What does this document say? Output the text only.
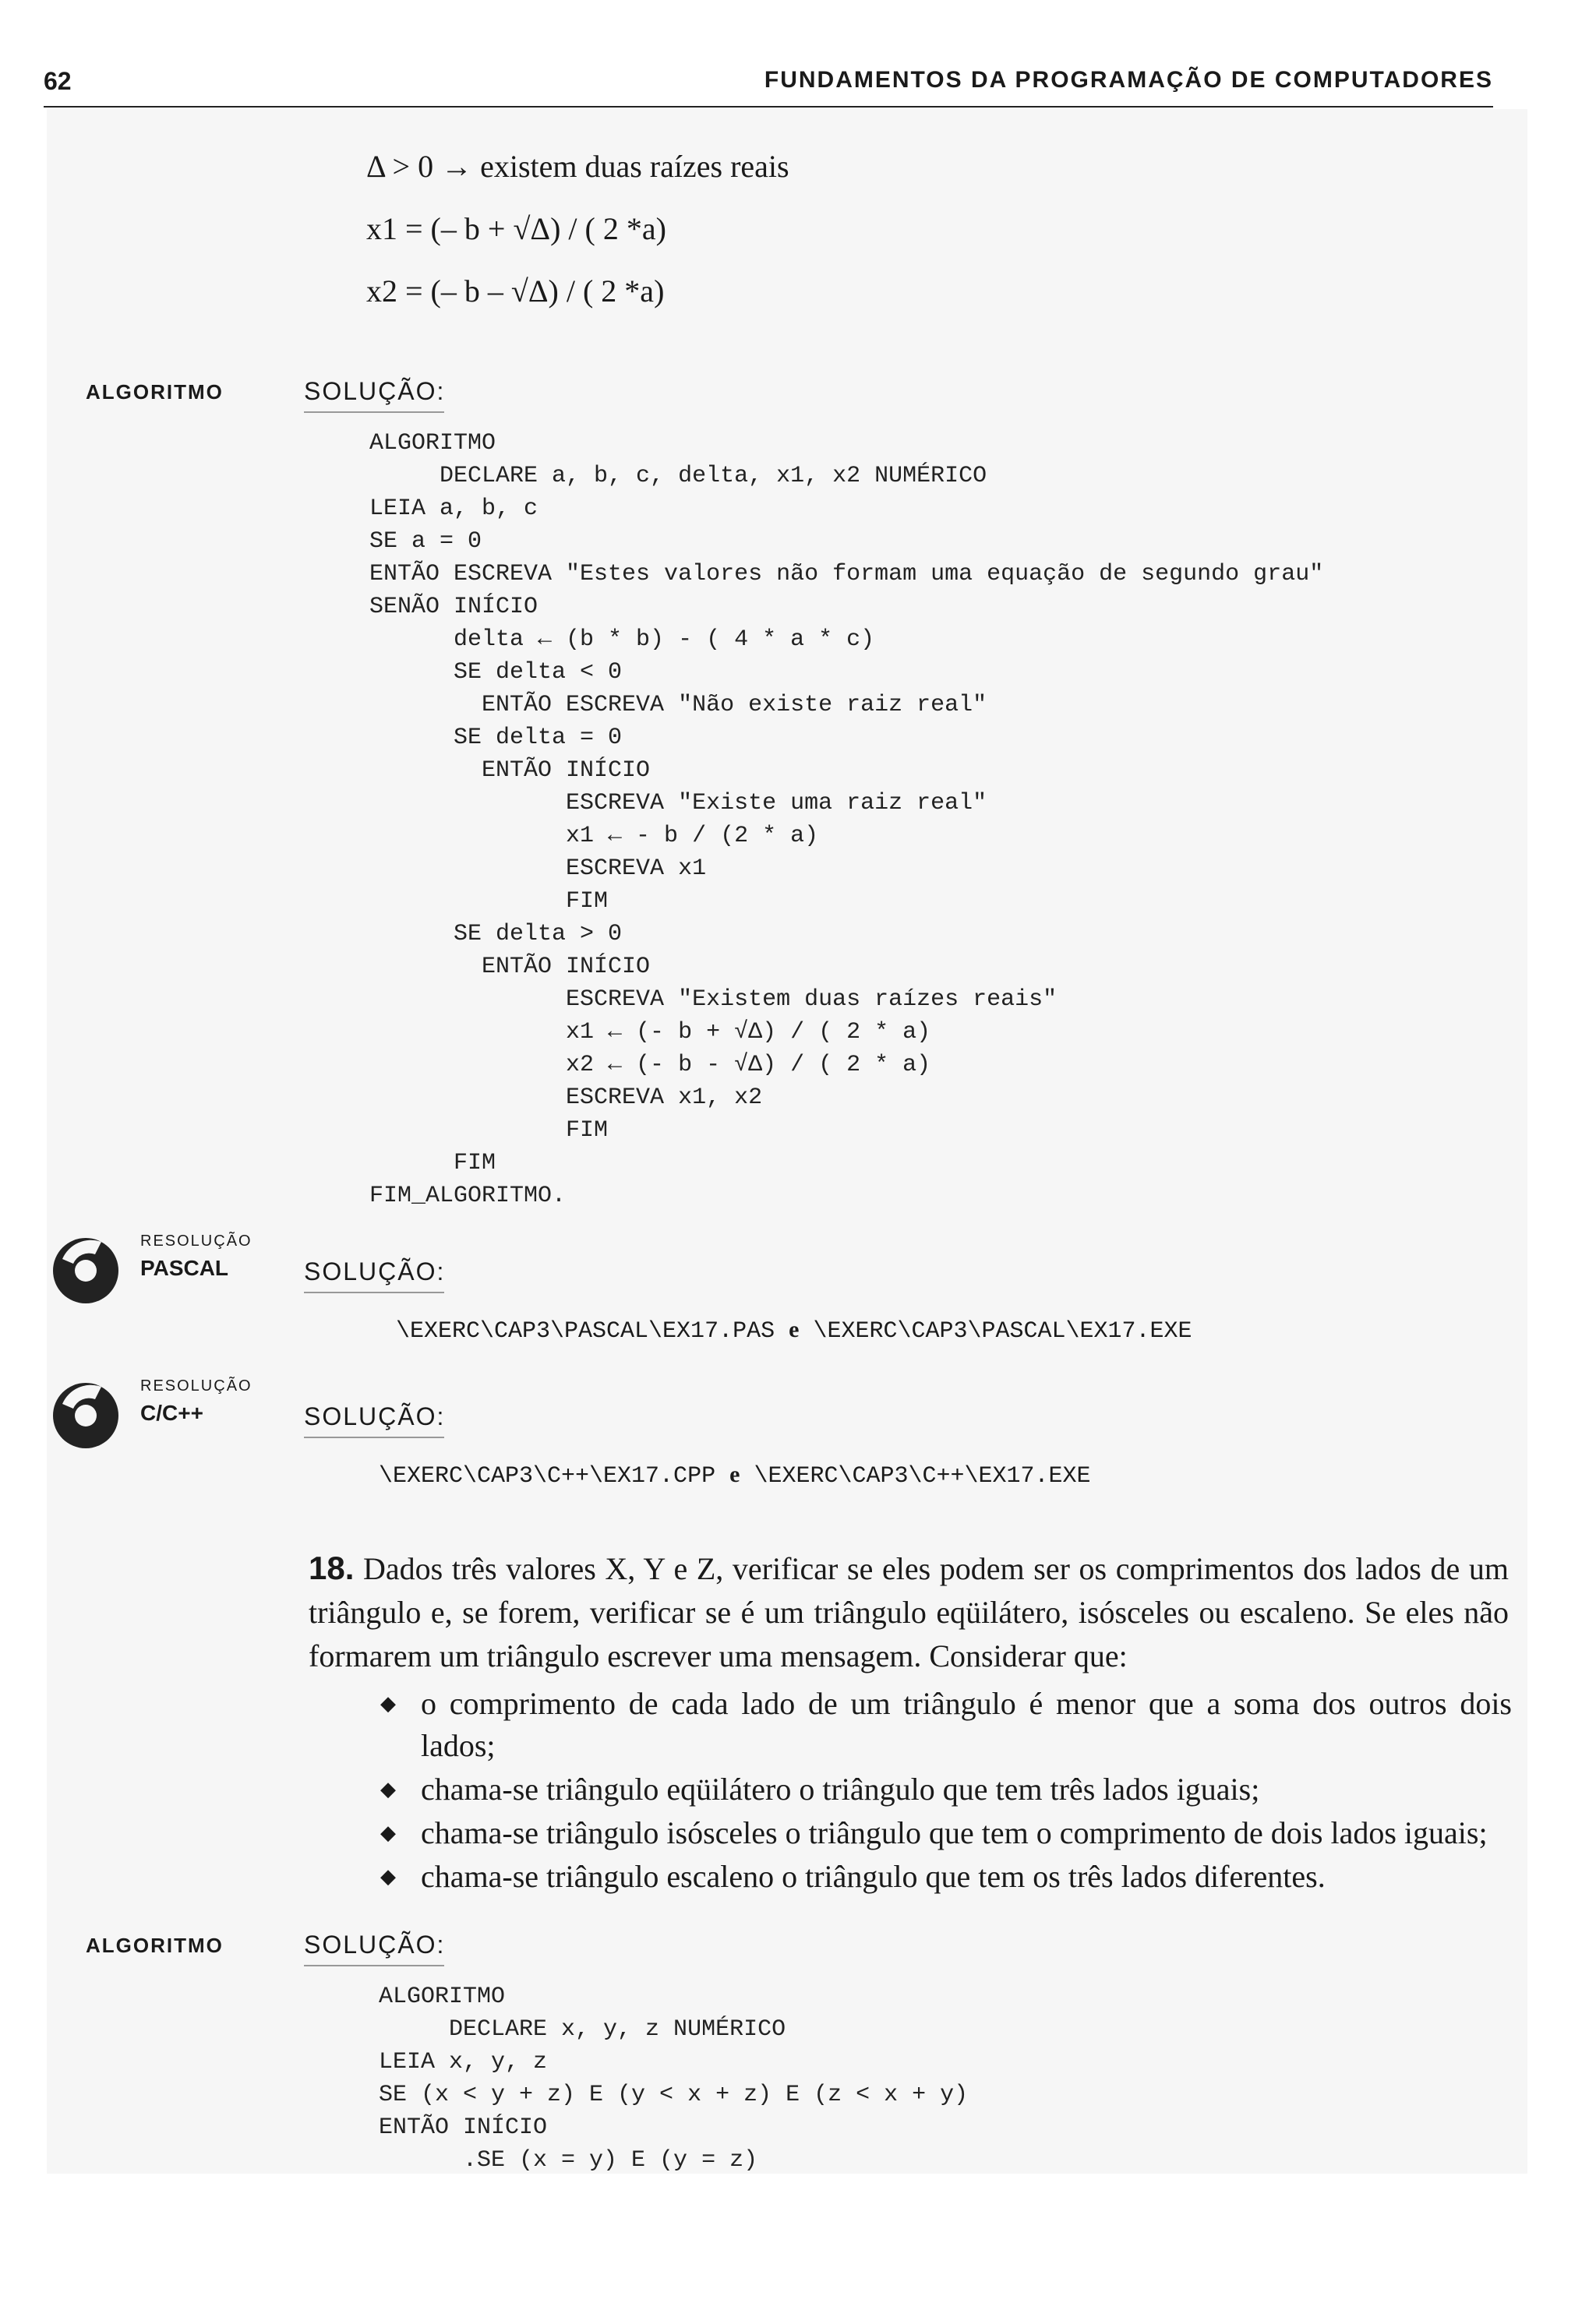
62	FUNDAMENTOS DA PROGRAMAÇÃO DE COMPUTADORES
Δ > 0 → existem duas raízes reais
x1 = (– b + √Δ) / ( 2 *a)
x2 = (– b – √Δ) / ( 2 *a)
ALGORITMO	SOLUÇÃO:
ALGORITMO
DECLARE a, b, c, delta, x1, x2 NUMÉRICO
LEIA a, b, c
SE a = 0
ENTÃO ESCREVA "Estes valores não formam uma equação de segundo grau"
SENÃO INÍCIO
delta ← (b * b) - ( 4 * a * c)
SE delta < 0
ENTÃO ESCREVA "Não existe raiz real"
SE delta = 0
ENTÃO INÍCIO
ESCREVA "Existe uma raiz real"
x1 ← - b / (2 * a)
ESCREVA x1
FIM
SE delta > 0
ENTÃO INÍCIO
ESCREVA "Existem duas raízes reais"
x1 ← (- b + √Δ) / ( 2 * a)
x2 ← (- b - √Δ) / ( 2 * a)
ESCREVA x1, x2
FIM
FIM
FIM_ALGORITMO.
RESOLUÇÃO
PASCAL	SOLUÇÃO:
\EXERC\CAP3\PASCAL\EX17.PAS e \EXERC\CAP3\PASCAL\EX17.EXE
RESOLUÇÃO
C/C++	SOLUÇÃO:
\EXERC\CAP3\C++\EX17.CPP e \EXERC\CAP3\C++\EX17.EXE
18. Dados três valores X, Y e Z, verificar se eles podem ser os comprimentos dos lados de um triângulo e, se forem, verificar se é um triângulo eqüilátero, isósceles ou escaleno. Se eles não formarem um triângulo escrever uma mensagem. Considerar que:
◆ o comprimento de cada lado de um triângulo é menor que a soma dos outros dois lados;
◆ chama-se triângulo eqüilátero o triângulo que tem três lados iguais;
◆ chama-se triângulo isósceles o triângulo que tem o comprimento de dois lados iguais;
◆ chama-se triângulo escaleno o triângulo que tem os três lados diferentes.
ALGORITMO	SOLUÇÃO:
ALGORITMO
DECLARE x, y, z NUMÉRICO
LEIA x, y, z
SE (x < y + z) E (y < x + z) E (z < x + y)
ENTÃO INÍCIO
.SE (x = y) E (y = z)
